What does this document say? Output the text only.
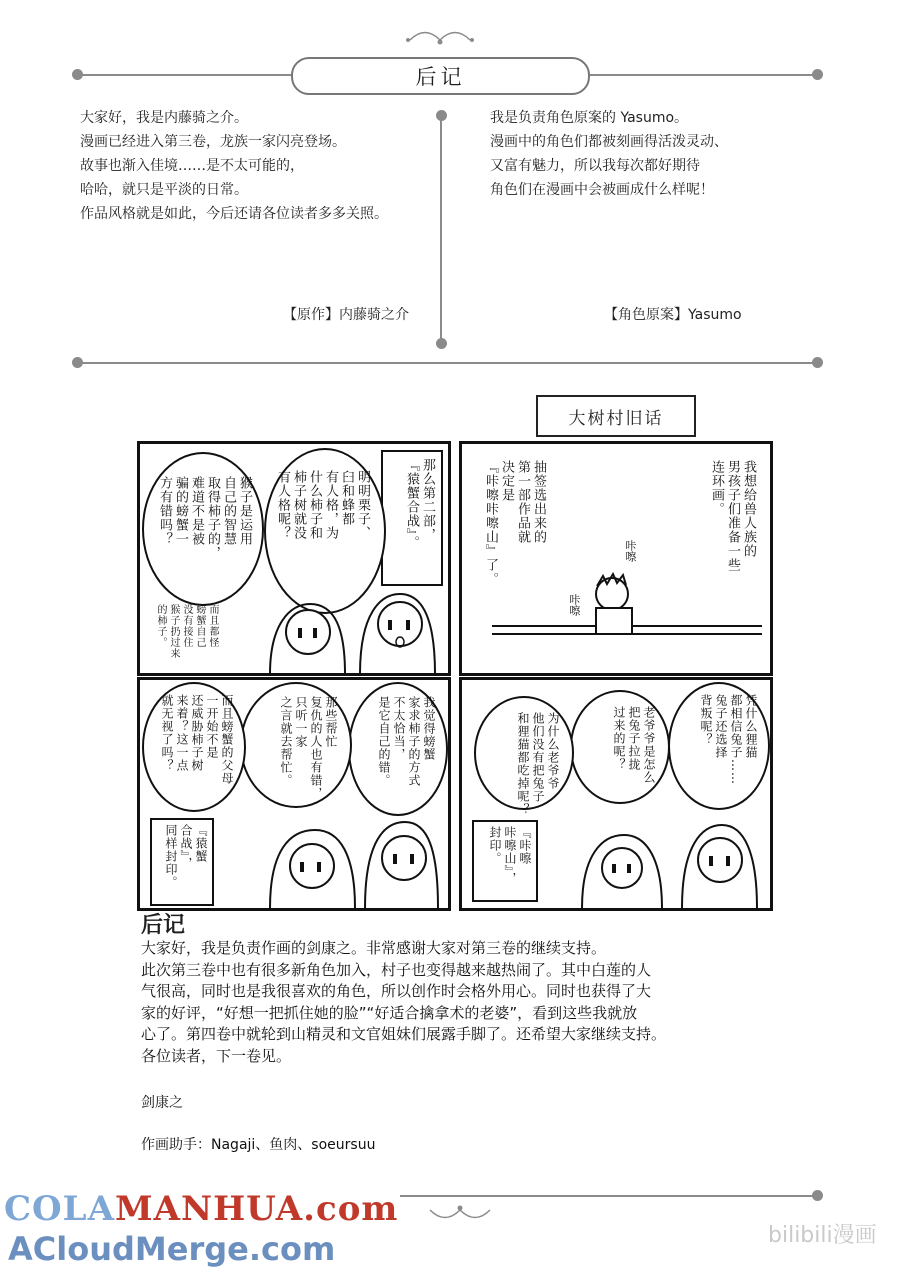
后记

大家好，我是内藤骑之介。

漫画已经进入第三卷，龙族一家闪亮登场。

故事也渐入佳境……是不太可能的，

哈哈，就只是平淡的日常。

作品风格就是如此，今后还请各位读者多多关照。

【原作】内藤骑之介

我是负责角色原案的 Yasumo。

漫画中的角色们都被刻画得活泼灵动、

又富有魅力，所以我每次都好期待

角色们在漫画中会被画成什么样呢！

【角色原案】Yasumo
大树村旧话
那么第二部，
『猿蟹合战』。
明明栗子、
臼和蜂都
有人格，为
什么柿子和
柿子树就没
有人格呢？
猴子是运用
自己的智慧
取得柿子的，
难道不是被
骗的螃蟹一
方有错吗？
而且都怪
螃蟹自己
没有接住
猴子扔过来
的柿子。
我想给兽人族的
男孩子们准备一些
连环画。
抽签选出来的
第一部作品就
决定是
『咔嚓咔嚓山』了。	咔嚓
咔嚓
我觉得螃蟹
家求柿子的方式
不太恰当，
是它自己的错。
那些帮忙
复仇的人也有错，
只听一家
之言就去帮忙。
而且螃蟹的父母
一开始不是
还威胁柿子树
来着？这一点
就无视了吗？
『猿蟹
合战』，
同样封印。
凭什么狸猫
都相信兔子……
兔子还选择
背叛呢？
老爷爷是怎么
把兔子拉拢
过来的呢？
为什么老爷爷
他们没有把兔子
和狸猫都吃掉呢？
『咔嚓
咔嚓山』，
封印。
后记

大家好，我是负责作画的剑康之。非常感谢大家对第三卷的继续支持。

此次第三卷中也有很多新角色加入，村子也变得越来越热闹了。其中白莲的人

气很高，同时也是我很喜欢的角色，所以创作时会格外用心。同时也获得了大

家的好评，“好想一把抓住她的脸”“好适合擒拿术的老婆”，看到这些我就放

心了。第四卷中就轮到山精灵和文官姐妹们展露手脚了。还希望大家继续支持。

各位读者，下一卷见。

剑康之
作画助手：Nagaji、鱼肉、soeursuu
COLAMANHUA.com
ACloudMerge.com	bilibili漫画
